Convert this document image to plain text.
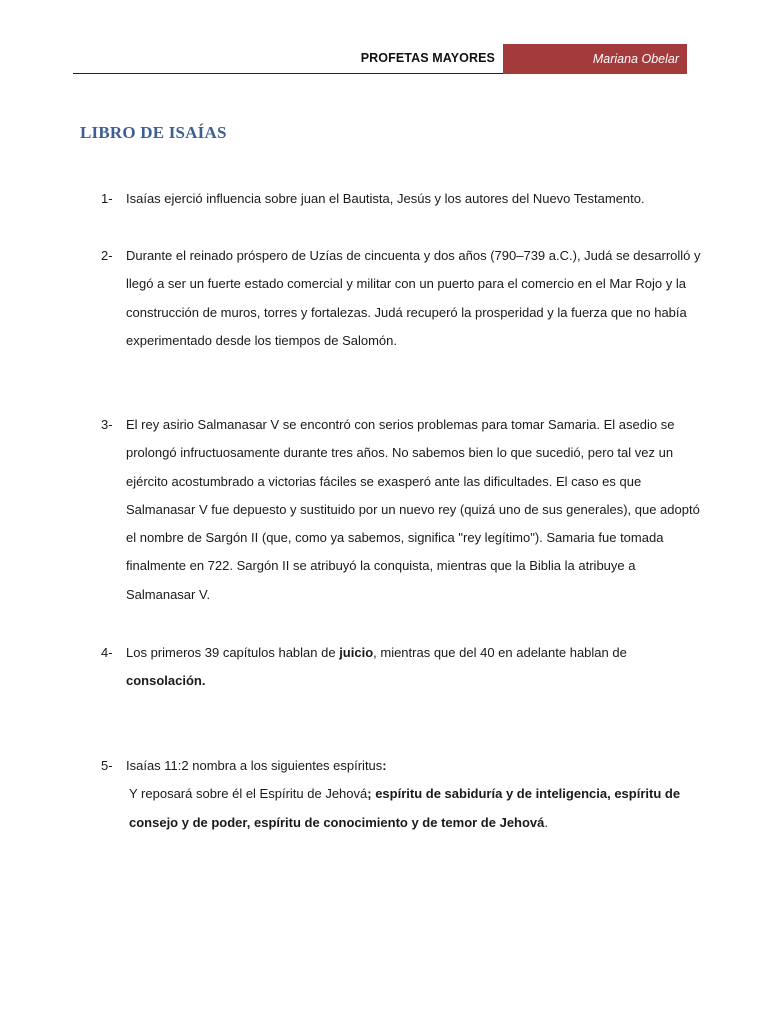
PROFETAS MAYORES	Mariana Obelar
LIBRO DE ISAÍAS
1- Isaías ejerció influencia sobre juan el Bautista, Jesús y los autores del Nuevo Testamento.

2- Durante el reinado próspero de Uzías de cincuenta y dos años (790–739 a.C.), Judá se desarrolló y llegó a ser un fuerte estado comercial y militar con un puerto para el comercio en el Mar Rojo y la construcción de muros, torres y fortalezas. Judá recuperó la prosperidad y la fuerza que no había experimentado desde los tiempos de Salomón.

3- El rey asirio Salmanasar V se encontró con serios problemas para tomar Samaria. El asedio se prolongó infructuosamente durante tres años. No sabemos bien lo que sucedió, pero tal vez un ejército acostumbrado a victorias fáciles se exasperó ante las dificultades. El caso es que Salmanasar V fue depuesto y sustituido por un nuevo rey (quizá uno de sus generales), que adoptó el nombre de Sargón II (que, como ya sabemos, significa "rey legítimo"). Samaria fue tomada finalmente en 722. Sargón II se atribuyó la conquista, mientras que la Biblia la atribuye a Salmanasar V.

4- Los primeros 39 capítulos hablan de juicio, mientras que del 40 en adelante hablan de consolación.

5- Isaías 11:2 nombra a los siguientes espíritus:

Y reposará sobre él el Espíritu de Jehová; espíritu de sabiduría y de inteligencia, espíritu de consejo y de poder, espíritu de conocimiento y de temor de Jehová.
